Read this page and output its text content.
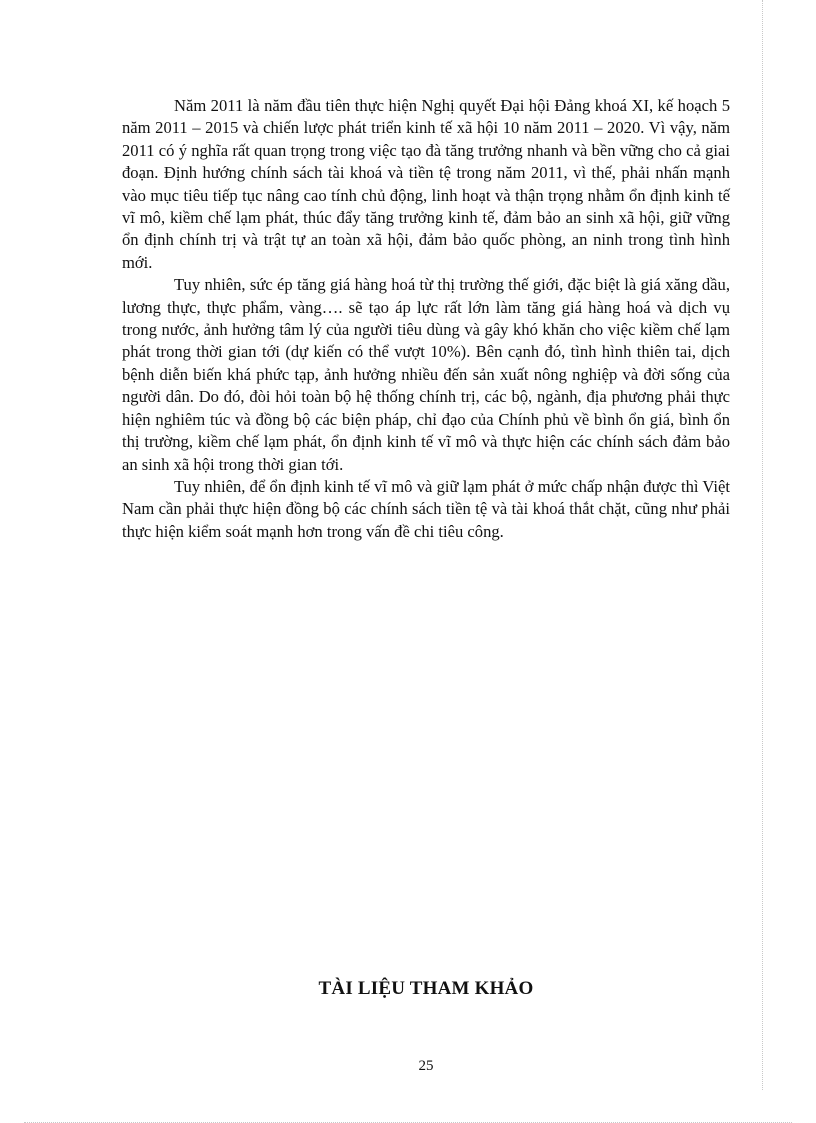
Năm 2011 là năm đầu tiên thực hiện Nghị quyết Đại hội Đảng khoá XI, kế hoạch 5 năm 2011 – 2015 và chiến lược phát triển kinh tế xã hội 10 năm 2011 – 2020. Vì vậy, năm 2011 có ý nghĩa rất quan trọng trong việc tạo đà tăng trưởng nhanh và bền vững cho cả giai đoạn. Định hướng chính sách tài khoá và tiền tệ trong năm 2011, vì thế, phải nhấn mạnh vào mục tiêu tiếp tục nâng cao tính chủ động, linh hoạt và thận trọng nhằm ổn định kinh tế vĩ mô, kiềm chế lạm phát, thúc đẩy tăng trưởng kinh tế, đảm bảo an sinh xã hội, giữ vững ổn định chính trị và trật tự an toàn xã hội, đảm bảo quốc phòng, an ninh trong tình hình mới.

Tuy nhiên, sức ép tăng giá hàng hoá từ thị trường thế giới, đặc biệt là giá xăng dầu, lương thực, thực phẩm, vàng…. sẽ tạo áp lực rất lớn làm tăng giá hàng hoá và dịch vụ trong nước, ảnh hưởng tâm lý của người tiêu dùng và gây khó khăn cho việc kiềm chế lạm phát trong thời gian tới (dự kiến có thể vượt 10%). Bên cạnh đó, tình hình thiên tai, dịch bệnh diễn biến khá phức tạp, ảnh hưởng nhiều đến sản xuất nông nghiệp và đời sống của người dân. Do đó, đòi hỏi toàn bộ hệ thống chính trị, các bộ, ngành, địa phương phải thực hiện nghiêm túc và đồng bộ các biện pháp, chỉ đạo của Chính phủ về bình ổn giá, bình ổn thị trường, kiềm chế lạm phát, ổn định kinh tế vĩ mô và thực hiện các chính sách đảm bảo an sinh xã hội trong thời gian tới.

Tuy nhiên, để ổn định kinh tế vĩ mô và giữ lạm phát ở mức chấp nhận được thì Việt Nam cần phải thực hiện đồng bộ các chính sách tiền tệ và tài khoá thắt chặt, cũng như phải thực hiện kiểm soát mạnh hơn trong vấn đề chi tiêu công.

TÀI LIỆU THAM KHẢO
25
